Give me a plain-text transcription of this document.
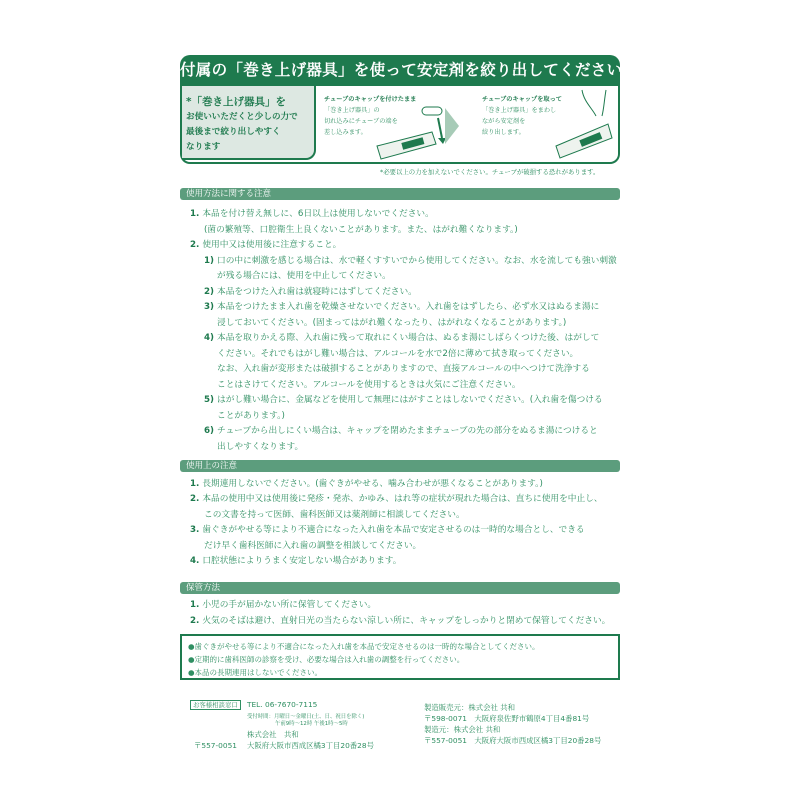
付属の「巻き上げ器具」を使って安定剤を絞り出してください
*「巻き上げ器具」を
お使いいただくと少しの力で
最後まで絞り出しやすく
なります
チューブのキャップを付けたまま
「巻き上げ器具」の
切れ込みにチューブの端を
差し込みます。
チューブのキャップを取って
「巻き上げ器具」をまわし
ながら安定剤を
絞り出します。
*必要以上の力を加えないでください。チューブが破損する恐れがあります。
使用方法に関する注意
1. 本品を付け替え無しに、6日以上は使用しないでください。
(菌の繁殖等、口腔衛生上良くないことがあります。また、はがれ難くなります。)
2. 使用中又は使用後に注意すること。
1) 口の中に刺激を感じる場合は、水で軽くすすいでから使用してください。なお、水を流しても強い刺激
が残る場合には、使用を中止してください。
2) 本品をつけた入れ歯は就寝時にはずしてください。
3) 本品をつけたまま入れ歯を乾燥させないでください。入れ歯をはずしたら、必ず水又はぬるま湯に
浸しておいてください。(固まってはがれ難くなったり、はがれなくなることがあります。)
4) 本品を取りかえる際、入れ歯に残って取れにくい場合は、ぬるま湯にしばらくつけた後、はがして
ください。それでもはがし難い場合は、アルコールを水で2倍に薄めて拭き取ってください。
なお、入れ歯が変形または破損することがありますので、直接アルコールの中へつけて洗浄する
ことはさけてください。アルコールを使用するときは火気にご注意ください。
5) はがし難い場合に、金属などを使用して無理にはがすことはしないでください。(入れ歯を傷つける
ことがあります。)
6) チューブから出しにくい場合は、キャップを閉めたままチューブの先の部分をぬるま湯につけると
出しやすくなります。
使用上の注意
1. 長期連用しないでください。(歯ぐきがやせる、噛み合わせが悪くなることがあります。)
2. 本品の使用中又は使用後に発疹・発赤、かゆみ、はれ等の症状が現れた場合は、直ちに使用を中止し、
この文書を持って医師、歯科医師又は薬剤師に相談してください。
3. 歯ぐきがやせる等により不適合になった入れ歯を本品で安定させるのは一時的な場合とし、できる
だけ早く歯科医師に入れ歯の調整を相談してください。
4. 口腔状態によりうまく安定しない場合があります。
保管方法
1. 小児の手が届かない所に保管してください。
2. 火気のそばは避け、直射日光の当たらない涼しい所に、キャップをしっかりと閉めて保管してください。
●歯ぐきがやせる等により不適合になった入れ歯を本品で安定させるのは一時的な場合としてください。
●定期的に歯科医師の診察を受け、必要な場合は入れ歯の調整を行ってください。
●本品の長期連用はしないでください。
お客様相談窓口	TEL. 06-7670-7115
受付時間：月曜日～金曜日(土、日、祝日を除く)
午前9時～12時 午後1時～5時
株式会社　共和
〒557-0051 大阪府大阪市西成区橘3丁目20番28号
製造販売元：株式会社 共和
〒598-0071　大阪府泉佐野市鶴原4丁目4番81号
製造元：株式会社 共和
〒557-0051　大阪府大阪市西成区橘3丁目20番28号
